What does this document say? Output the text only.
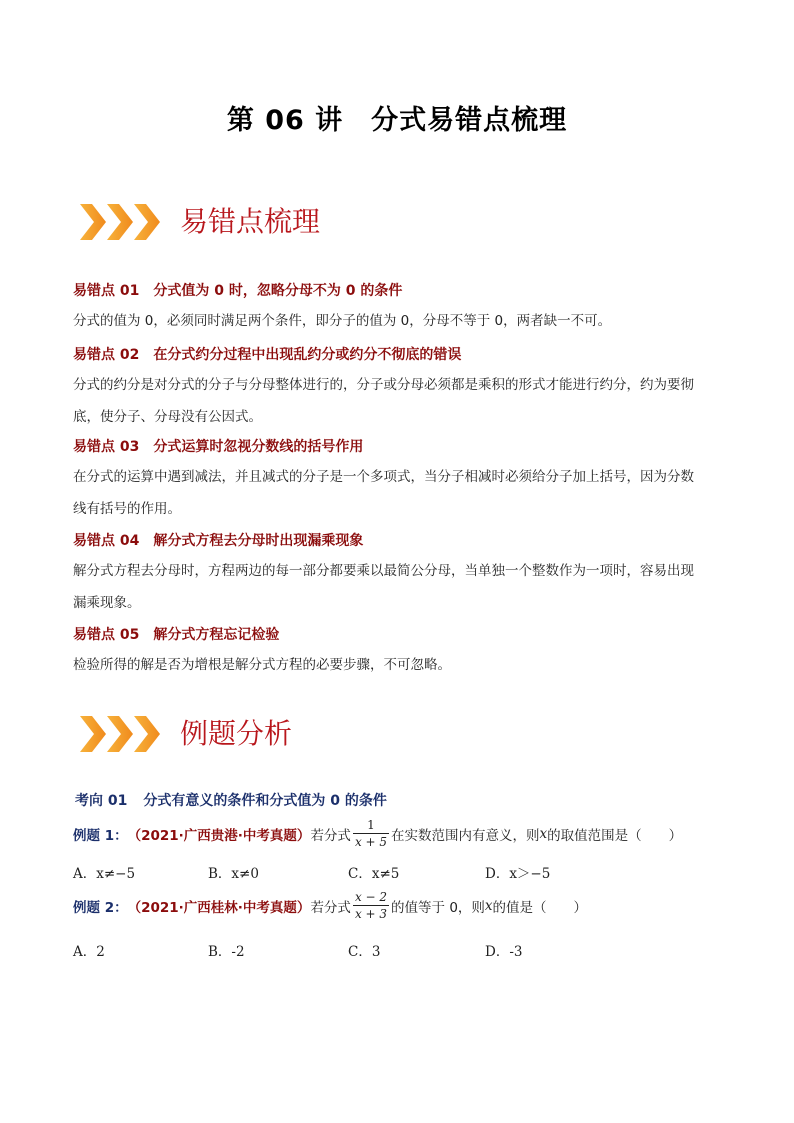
第 06 讲　分式易错点梳理
易错点梳理
易错点 01 分式值为 0 时，忽略分母不为 0 的条件
分式的值为 0，必须同时满足两个条件，即分子的值为 0，分母不等于 0，两者缺一不可。
易错点 02 在分式约分过程中出现乱约分或约分不彻底的错误
分式的约分是对分式的分子与分母整体进行的，分子或分母必须都是乘积的形式才能进行约分，约为要彻
底，使分子、分母没有公因式。
易错点 03 分式运算时忽视分数线的括号作用
在分式的运算中遇到减法，并且减式的分子是一个多项式，当分子相减时必须给分子加上括号，因为分数
线有括号的作用。
易错点 04 解分式方程去分母时出现漏乘现象
解分式方程去分母时，方程两边的每一部分都要乘以最简公分母，当单独一个整数作为一项时，容易出现
漏乘现象。
易错点 05 解分式方程忘记检验
检验所得的解是否为增根是解分式方程的必要步骤，不可忽略。
例题分析
考向 01 分式有意义的条件和分式值为 0 的条件
例题 1： （2021·广西贵港·中考真题） 若分式 $\frac{1}{x + 5}$ 在实数范围内有意义，则 x 的取值范围是（　　）
A．x≠−5	B．x≠0	C．x≠5	D．x＞−5
例题 2： （2021·广西桂林·中考真题） 若分式 $\frac{x - 2}{x + 3}$ 的值等于 0，则 x 的值是（　　）
A．2	B．-2	C．3	D．-3
